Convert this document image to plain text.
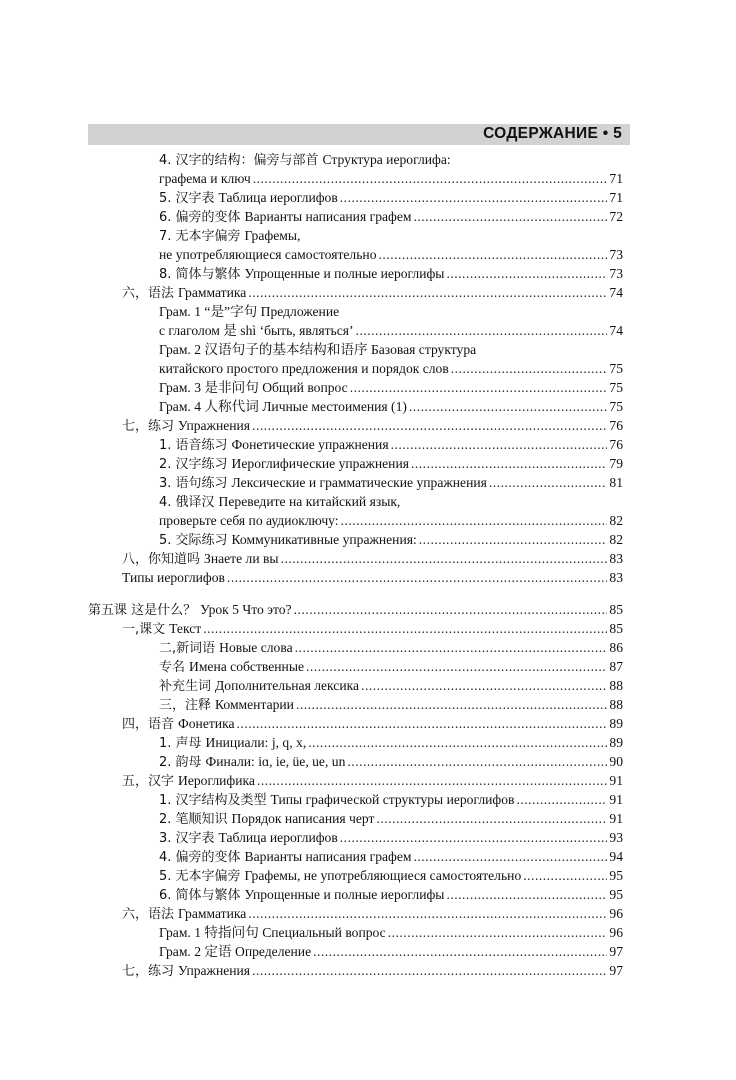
СОДЕРЖАНИЕ • 5
4. 汉字的结构：偏旁与部首 Структура иероглифа:
графема и ключ .....	71
5. 汉字表 Таблица иероглифов .....	71
6. 偏旁的变体 Варианты написания графем .....	72
7. 无本字偏旁 Графемы,
не употребляющиеся самостоятельно .....	73
8. 简体与繁体 Упрощенные и полные иероглифы .....	73
六，语法 Грамматика .....	74
Грам. 1 “是”字句 Предложение
с глаголом 是 shì ‘быть, являться’ .....	74
Грам. 2 汉语句子的基本结构和语序 Базовая структура
китайского простого предложения и порядок слов .....	75
Грам. 3 是非问句 Общий вопрос .....	75
Грам. 4 人称代词 Личные местоимения (1) .....	75
七，练习 Упражнения .....	76
1. 语音练习 Фонетические упражнения .....	76
2. 汉字练习 Иероглифические упражнения .....	79
3. 语句练习 Лексические и грамматические упражнения .....	81
4. 俄译汉 Переведите на китайский язык,
проверьте себя по аудиоключу: .....	82
5. 交际练习 Коммуникативные упражнения: .....	82
八，你知道吗 Знаете ли вы .....	83
Типы иероглифов .....	83
第五课 这是什么？ Урок 5 Что это? .....	85
一,课文 Текст .....	85
二,新词语 Новые слова .....	86
专名 Имена собственные .....	87
补充生词 Дополнительная лексика .....	88
三，注释 Комментарии .....	88
四，语音 Фонетика .....	89
1. 声母 Инициали: j, q, x, .....	89
2. 韵母 Финали: iɑ, ie, üe, ue, un .....	90
五，汉字 Иероглифика .....	91
1. 汉字结构及类型 Типы графической структуры иероглифов .....	91
2. 笔顺知识 Порядок написания черт .....	91
3. 汉字表 Таблица иероглифов .....	93
4. 偏旁的变体 Варианты написания графем .....	94
5. 无本字偏旁 Графемы, не употребляющиеся самостоятельно .....	95
6. 简体与繁体 Упрощенные и полные иероглифы .....	95
六，语法 Грамматика .....	96
Грам. 1 特指问句 Специальный вопрос .....	96
Грам. 2 定语 Определение .....	97
七，练习 Упражнения .....	97
